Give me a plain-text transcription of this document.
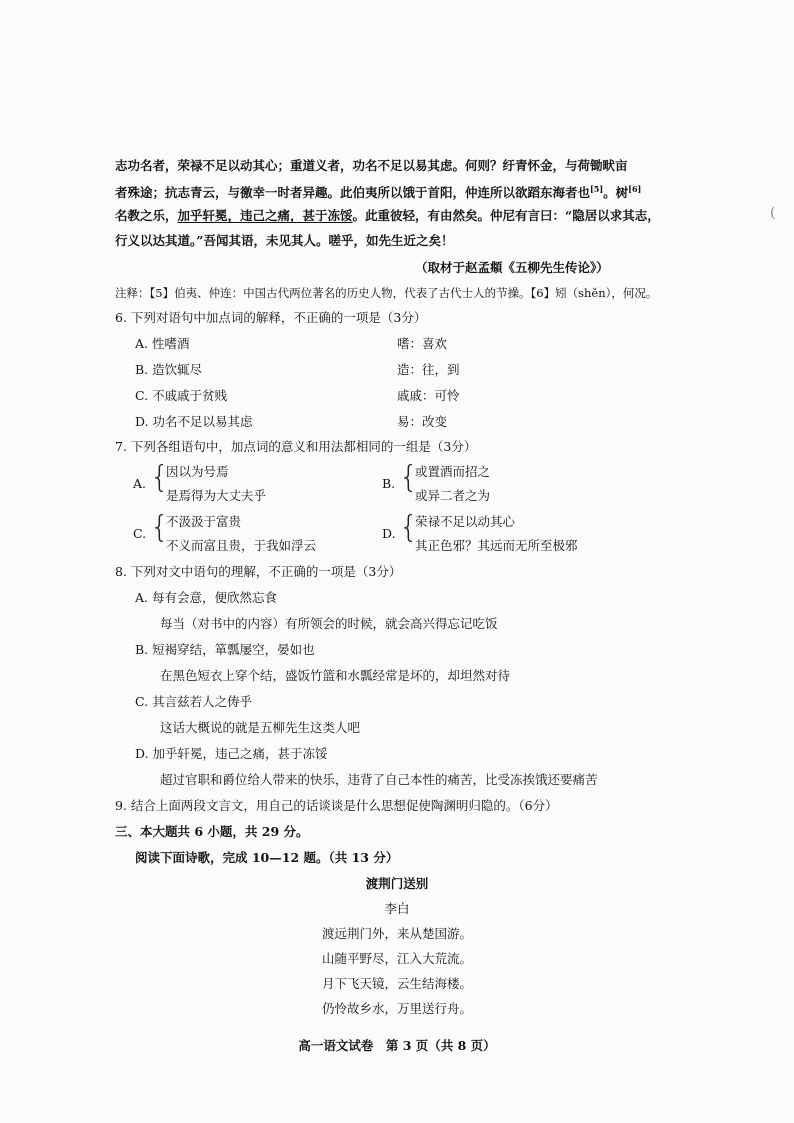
志功名者，荣禄不足以动其心；重道义者，功名不足以易其虑。何则？纡青怀金，与荷锄畎亩
者殊途；抗志青云，与徼幸一时者异趣。此伯夷所以饿于首阳，仲连所以欲蹈东海者也[5]。树[6]
名教之乐，加乎轩冕，违己之痛，甚于冻馁。此重彼轻，有由然矣。仲尼有言曰：“隐居以求其志，
行义以达其道。”吾闻其语，未见其人。嗟乎，如先生近之矣！
（取材于赵孟頫《五柳先生传论》）
注释：【5】伯夷、仲连：中国古代两位著名的历史人物，代表了古代士人的节操。【6】矧（shěn），何况。
(
6. 下列对语句中加点词的解释，不正确的一项是（3分）
A. 性嗜酒	嗜：喜欢
B. 造饮辄尽	造：往，到
C. 不戚戚于贫贱	戚戚：可怜
D. 功名不足以易其虑	易：改变
7. 下列各组语句中，加点词的意义和用法都相同的一组是（3分）
A. {
因以为号焉
是焉得为大丈夫乎
B. {
或置酒而招之
或异二者之为
C. {
不汲汲于富贵
不义而富且贵，于我如浮云
D. {
荣禄不足以动其心
其正色邪？其远而无所至极邪
8. 下列对文中语句的理解，不正确的一项是（3分）
A. 每有会意，便欣然忘食
每当（对书中的内容）有所领会的时候，就会高兴得忘记吃饭
B. 短褐穿结，箪瓢屡空，晏如也
在黑色短衣上穿个结，盛饭竹篮和水瓢经常是坏的，却坦然对待
C. 其言兹若人之俦乎
这话大概说的就是五柳先生这类人吧
D. 加乎轩冕，违己之痛，甚于冻馁
超过官职和爵位给人带来的快乐，违背了自己本性的痛苦，比受冻挨饿还要痛苦
9. 结合上面两段文言文，用自己的话谈谈是什么思想促使陶渊明归隐的。（6分）
三、本大题共 6 小题，共 29 分。
阅读下面诗歌，完成 10—12 题。（共 13 分）
渡荆门送别
李白
渡远荆门外，来从楚国游。
山随平野尽，江入大荒流。
月下飞天镜，云生结海楼。
仍怜故乡水，万里送行舟。
高一语文试卷　第 3 页（共 8 页）
